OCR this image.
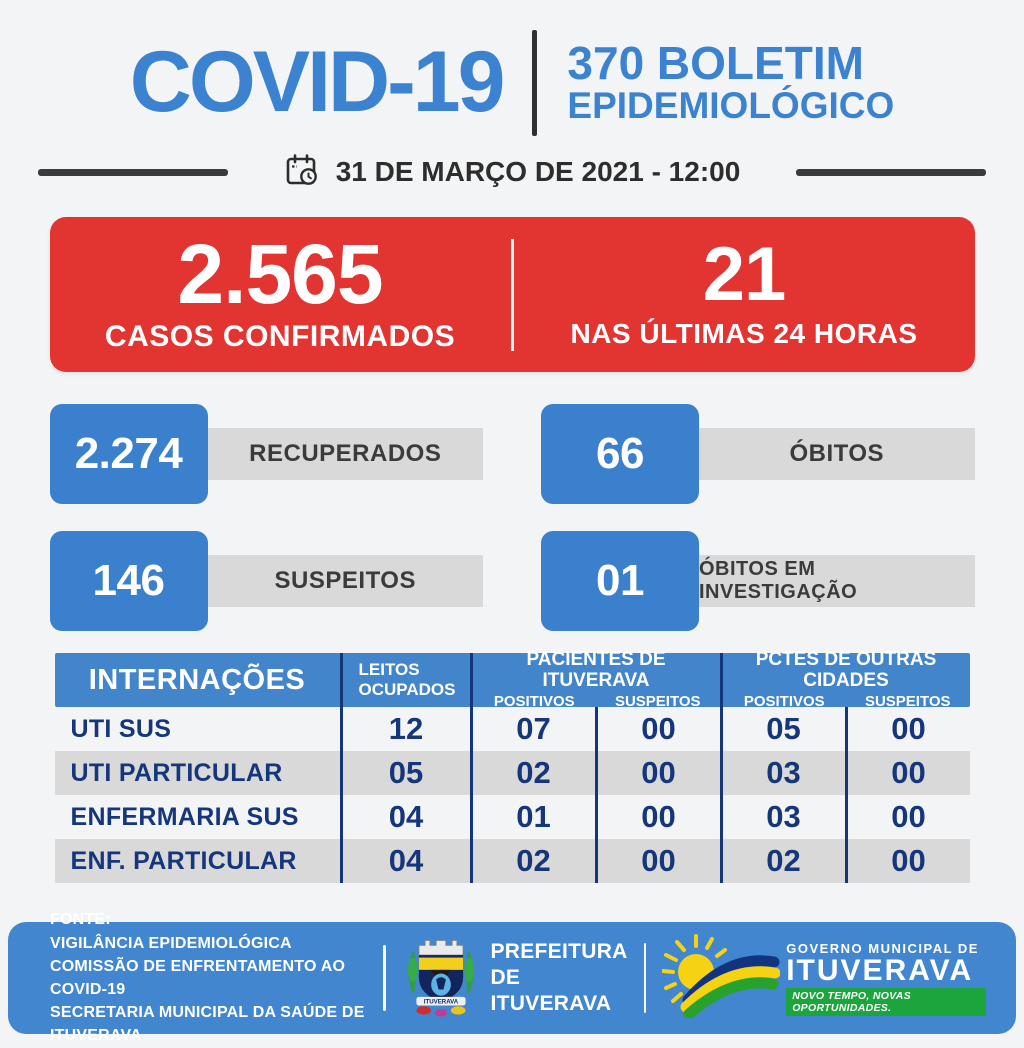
COVID-19 370 BOLETIM
EPIDEMIOLÓGICO
31 DE MARÇO DE 2021 - 12:00
2.565
CASOS CONFIRMADOS
21
NAS ÚLTIMAS 24 HORAS
2.274	RECUPERADOS	66	ÓBITOS
146	SUSPEITOS	01	ÓBITOS EM INVESTIGAÇÃO
INTERNAÇÕES	LEITOS
OCUPADOS
PACIENTES DE ITUVERAVA
POSITIVOS	SUSPEITOS
PCTES DE OUTRAS CIDADES
POSITIVOS	SUSPEITOS
UTI SUS	12	07	00	05	00
UTI PARTICULAR	05	02	00	03	00
ENFERMARIA SUS	04	01	00	03	00
ENF. PARTICULAR	04	02	00	02	00
FONTE:
VIGILÂNCIA EPIDEMIOLÓGICA
COMISSÃO DE ENFRENTAMENTO AO COVID-19
SECRETARIA MUNICIPAL DA SAÚDE DE ITUVERAVA
ITUVERAVA
PREFEITURA
DE ITUVERAVA
GOVERNO MUNICIPAL DE
ITUVERAVA
NOVO TEMPO, NOVAS OPORTUNIDADES.
